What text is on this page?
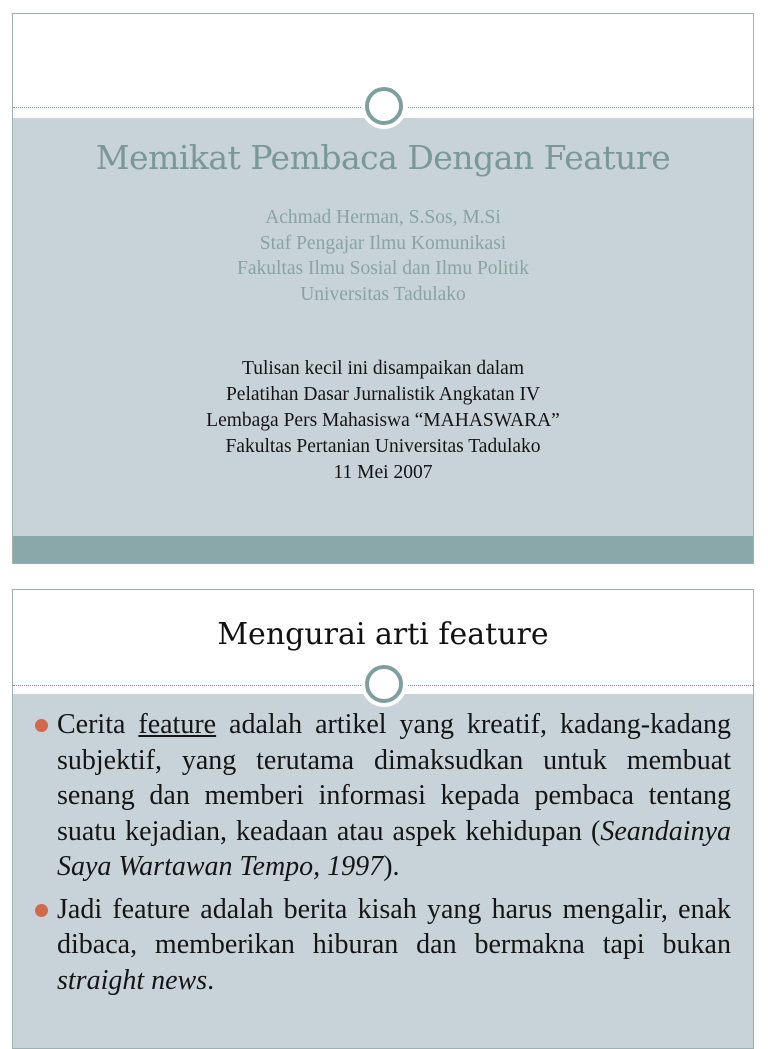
Memikat Pembaca Dengan Feature
Achmad Herman, S.Sos, M.Si
Staf Pengajar Ilmu Komunikasi
Fakultas Ilmu Sosial dan Ilmu Politik
Universitas Tadulako
Tulisan kecil ini disampaikan dalam
Pelatihan Dasar Jurnalistik Angkatan IV
Lembaga Pers Mahasiswa “MAHASWARA”
Fakultas Pertanian Universitas Tadulako
11 Mei 2007
Mengurai arti feature
Cerita feature adalah artikel yang kreatif, kadang-kadang subjektif, yang terutama dimaksudkan untuk membuat senang dan memberi informasi kepada pembaca tentang suatu kejadian, keadaan atau aspek kehidupan (Seandainya Saya Wartawan Tempo, 1997).
Jadi feature adalah berita kisah yang harus mengalir, enak dibaca, memberikan hiburan dan bermakna tapi bukan straight news.
